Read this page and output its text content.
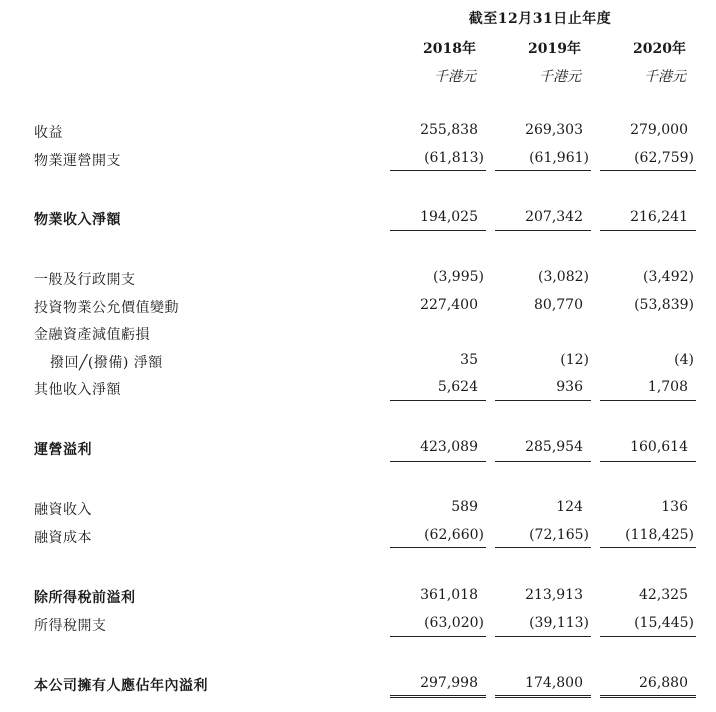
截至12月31日止年度
2018年	2019年	2020年
千港元	千港元	千港元
收益	255,838	269,303	279,000
物業運營開支	(61,813)	(61,961)	(62,759)
物業收入淨額	194,025	207,342	216,241
一般及行政開支	(3,995)	(3,082)	(3,492)
投資物業公允價值變動	227,400	80,770	(53,839)
金融資產減值虧損
撥回╱(撥備) 淨額	35	(12)	(4)
其他收入淨額	5,624	936	1,708
運營溢利	423,089	285,954	160,614
融資收入	589	124	136
融資成本	(62,660)	(72,165)	(118,425)
除所得稅前溢利	361,018	213,913	42,325
所得稅開支	(63,020)	(39,113)	(15,445)
本公司擁有人應佔年內溢利	297,998	174,800	26,880
